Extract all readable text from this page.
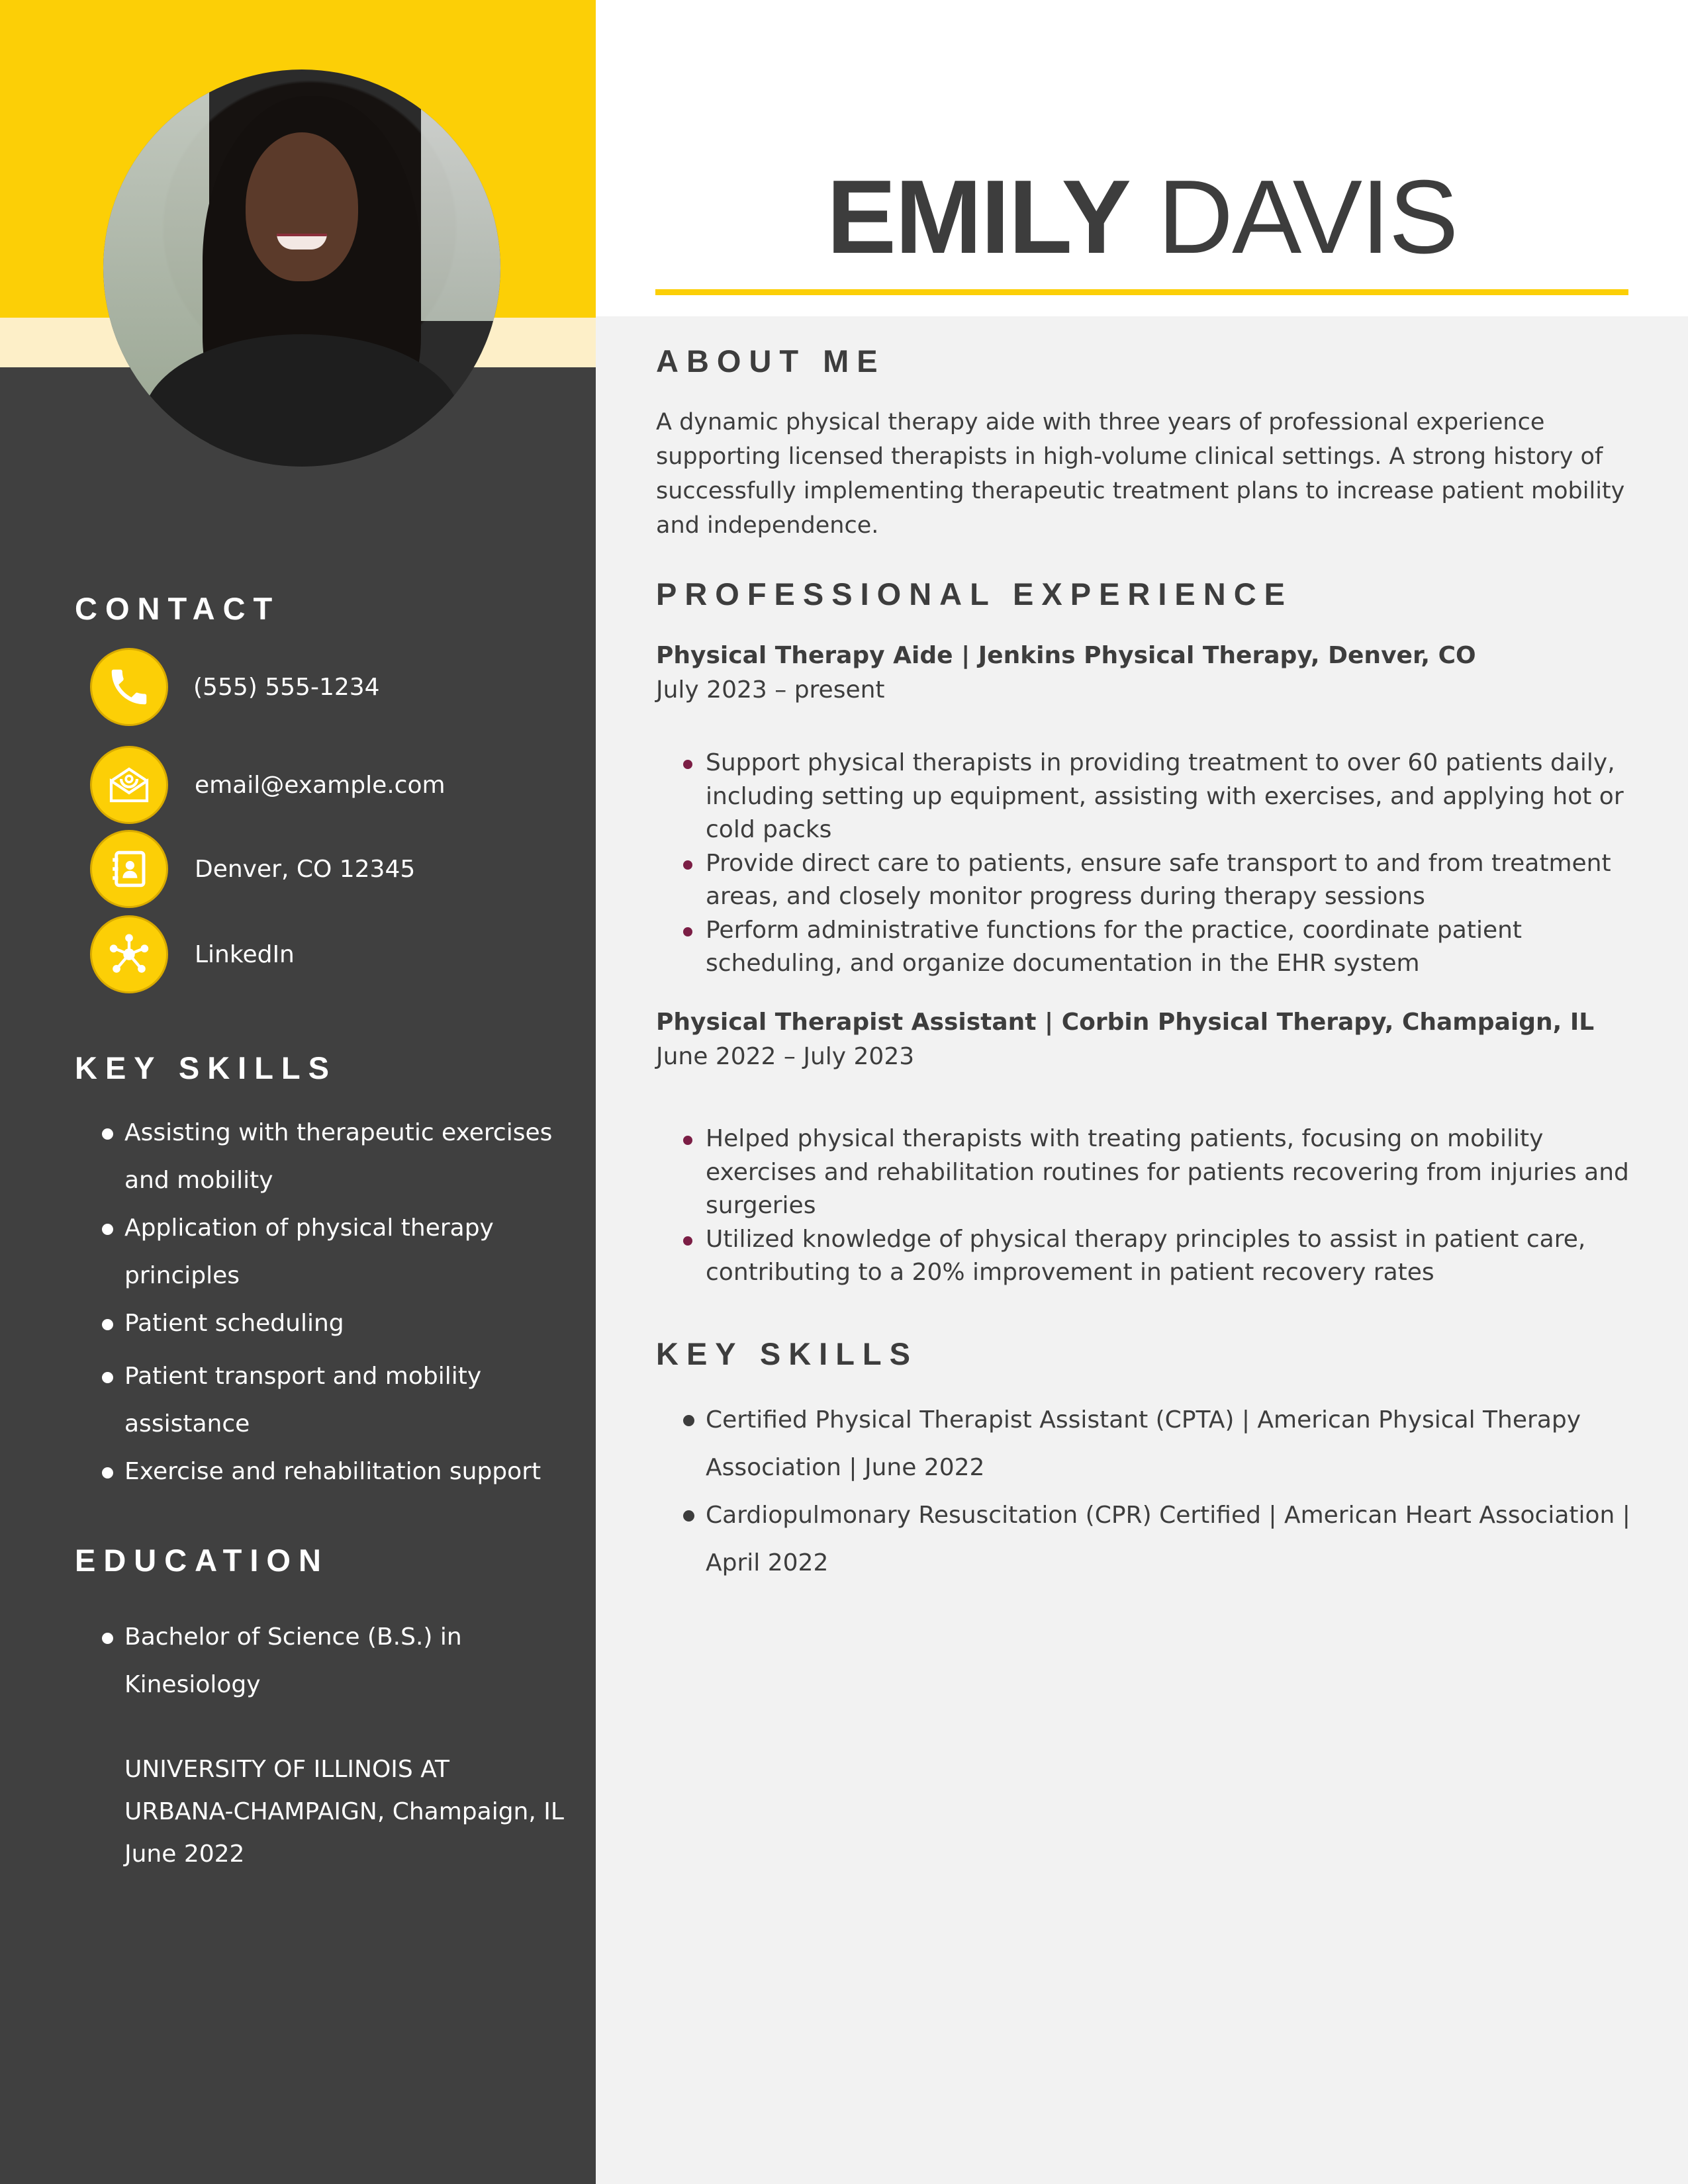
CONTACT
(555) 555-1234
email@example.com
Denver, CO 12345
LinkedIn
KEY SKILLS
Assisting with therapeutic exercises and mobility
Application of physical therapy principles
Patient scheduling
Patient transport and mobility assistance
Exercise and rehabilitation support
EDUCATION
Bachelor of Science (B.S.) in Kinesiology
UNIVERSITY OF ILLINOIS AT
URBANA-CHAMPAIGN, Champaign, IL
June 2022
EMILY DAVIS
ABOUT ME

A dynamic physical therapy aide with three years of professional experience supporting licensed therapists in high-volume clinical settings. A strong history of successfully implementing therapeutic treatment plans to increase patient mobility and independence.

PROFESSIONAL EXPERIENCE

Physical Therapy Aide | Jenkins Physical Therapy, Denver, CO

July 2023 – present

Support physical therapists in providing treatment to over 60 patients daily, including setting up equipment, assisting with exercises, and applying hot or cold packs
Provide direct care to patients, ensure safe transport to and from treatment areas, and closely monitor progress during therapy sessions
Perform administrative functions for the practice, coordinate patient scheduling, and organize documentation in the EHR system

Physical Therapist Assistant | Corbin Physical Therapy, Champaign, IL

June 2022 – July 2023

Helped physical therapists with treating patients, focusing on mobility exercises and rehabilitation routines for patients recovering from injuries and surgeries
Utilized knowledge of physical therapy principles to assist in patient care, contributing to a 20% improvement in patient recovery rates
KEY SKILLS
Certified Physical Therapist Assistant (CPTA) | American Physical Therapy Association | June 2022
Cardiopulmonary Resuscitation (CPR) Certified | American Heart Association | April 2022
